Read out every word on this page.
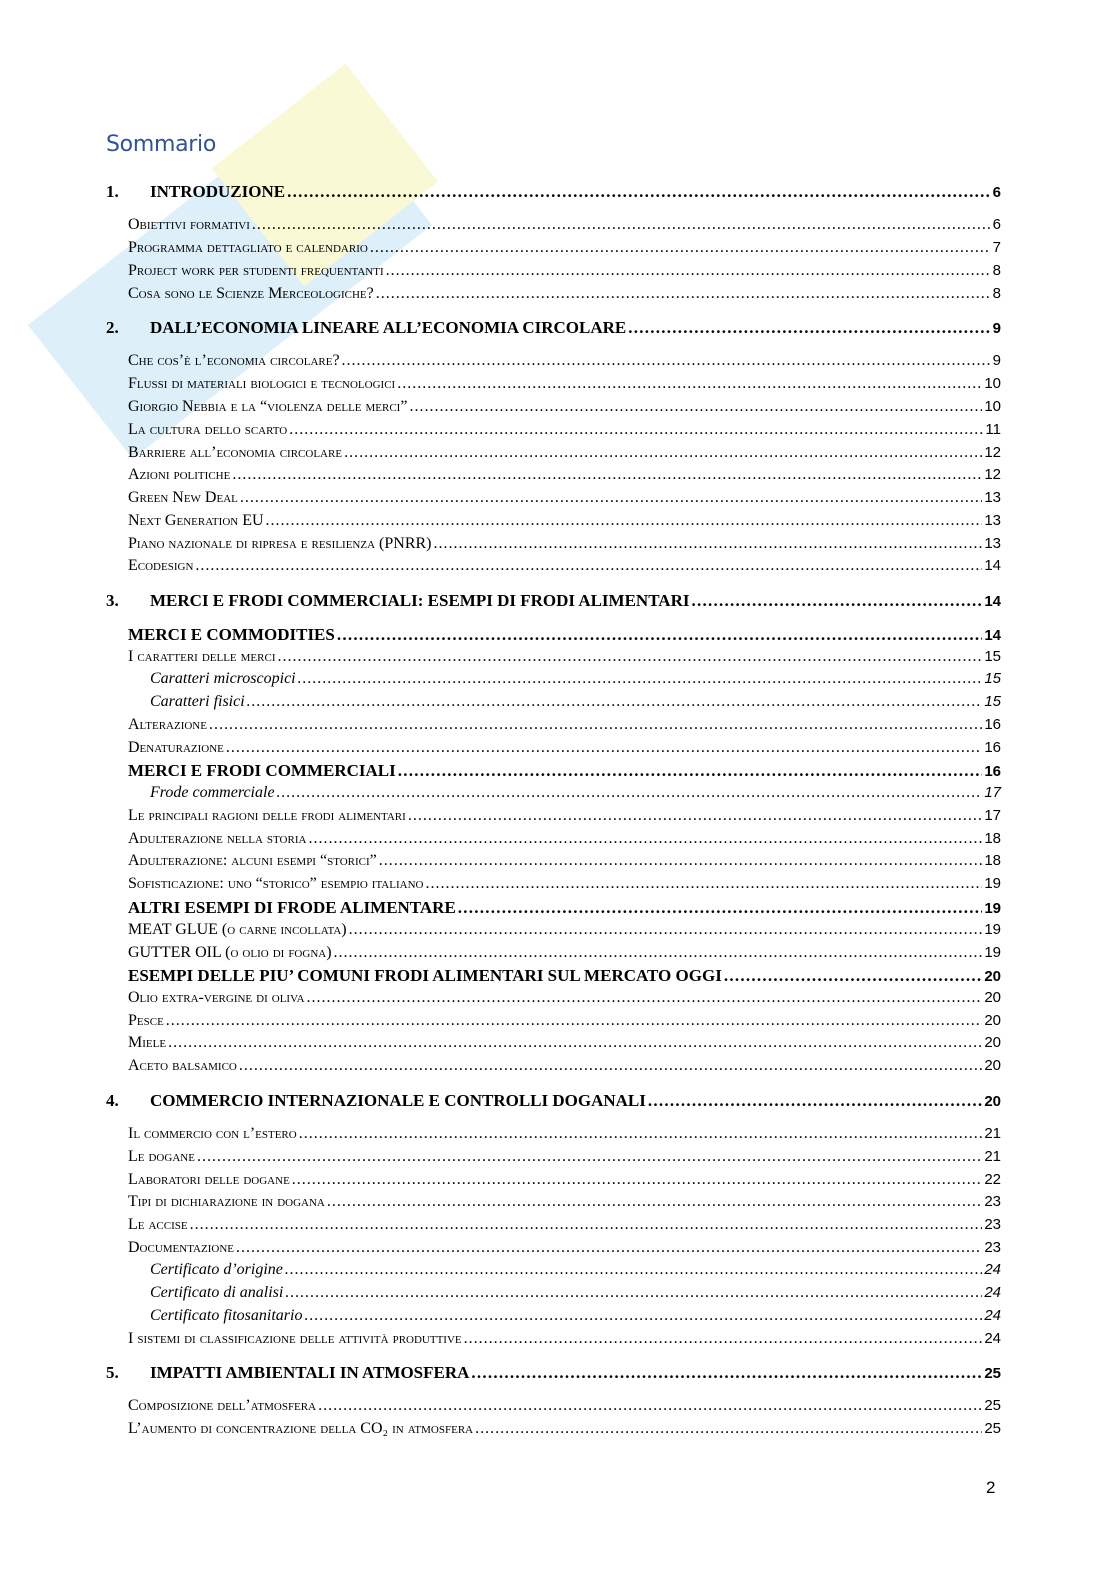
Sommario
1. INTRODUZIONE . . .	6
Obiettivi formativi . . .	6
Programma dettagliato e calendario . . .	7
Project work per studenti frequentanti . . .	8
Cosa sono le Scienze Merceologiche? . . .	8
2. DALL’ECONOMIA LINEARE ALL’ECONOMIA CIRCOLARE . . .	9
Che cos’è l’economia circolare? . . .	9
Flussi di materiali biologici e tecnologici . . .	10
Giorgio Nebbia e la “violenza delle merci” . . .	10
La cultura dello scarto . . .	11
Barriere all’economia circolare . . .	12
Azioni politiche . . .	12
Green New Deal . . .	13
Next Generation EU . . .	13
Piano nazionale di ripresa e resilienza (PNRR) . . .	13
Ecodesign . . .	14
3. MERCI E FRODI COMMERCIALI: ESEMPI DI FRODI ALIMENTARI . . .	14
MERCI E COMMODITIES . . .	14
I caratteri delle merci . . .	15
Caratteri microscopici . . .	15
Caratteri fisici . . .	15
Alterazione . . .	16
Denaturazione . . .	16
MERCI E FRODI COMMERCIALI . . .	16
Frode commerciale . . .	17
Le principali ragioni delle frodi alimentari . . .	17
Adulterazione nella storia . . .	18
Adulterazione: alcuni esempi “storici” . . .	18
Sofisticazione: uno “storico” esempio italiano . . .	19
ALTRI ESEMPI DI FRODE ALIMENTARE . . .	19
MEAT GLUE (o carne incollata) . . .	19
GUTTER OIL (o olio di fogna) . . .	19
ESEMPI DELLE PIU’ COMUNI FRODI ALIMENTARI SUL MERCATO OGGI . . .	20
Olio extra-vergine di oliva . . .	20
Pesce . . .	20
Miele . . .	20
Aceto balsamico . . .	20
4. COMMERCIO INTERNAZIONALE E CONTROLLI DOGANALI . . .	20
Il commercio con l’estero . . .	21
Le dogane . . .	21
Laboratori delle dogane . . .	22
Tipi di dichiarazione in dogana . . .	23
Le accise . . .	23
Documentazione . . .	23
Certificato d’origine . . .	24
Certificato di analisi . . .	24
Certificato fitosanitario . . .	24
I sistemi di classificazione delle attività produttive . . .	24
5. IMPATTI AMBIENTALI IN ATMOSFERA . . .	25
Composizione dell’atmosfera . . .	25
L’aumento di concentrazione della CO₂ in atmosfera . . .	25
2
